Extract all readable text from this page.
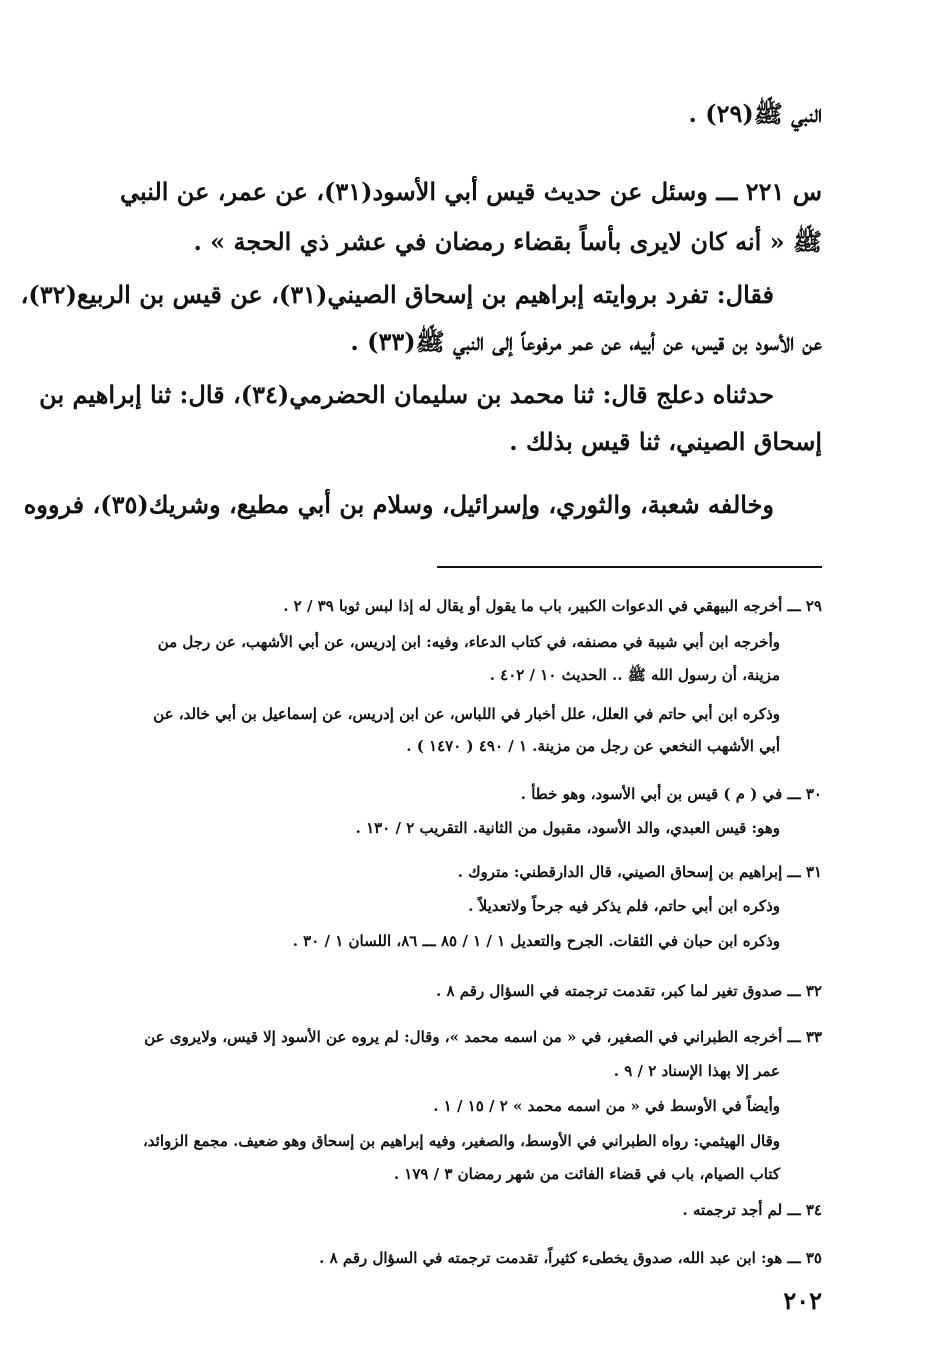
النبي ﷺ(٢٩) .
س ٢٢١ ـــ وسئل عن حديث قيس أبي الأسود(٣١)، عن عمر، عن النبي
ﷺ « أنه كان لايرى بأساً بقضاء رمضان في عشر ذي الحجة » .
فقال: تفرد بروايته إبراهيم بن إسحاق الصيني(٣١)، عن قيس بن الربيع(٣٢)،
عن الأسود بن قيس، عن أبيه، عن عمر مرفوعاً إلى النبي ﷺ(٣٣) .
حدثناه دعلج قال: ثنا محمد بن سليمان الحضرمي(٣٤)، قال: ثنا إبراهيم بن
إسحاق الصيني، ثنا قيس بذلك .
وخالفه شعبة، والثوري، وإسرائيل، وسلام بن أبي مطيع، وشريك(٣٥)، فرووه
٢٩ ـــ أخرجه البيهقي في الدعوات الكبير، باب ما يقول أو يقال له إذا لبس ثوبا ٣٩ / ٢ .
وأخرجه ابن أبي شيبة في مصنفه، في كتاب الدعاء، وفيه: ابن إدريس، عن أبي الأشهب، عن رجل من
مزينة، أن رسول الله ﷺ .. الحديث ١٠ / ٤٠٢ .
وذكره ابن أبي حاتم في العلل، علل أخبار في اللباس، عن ابن إدريس، عن إسماعيل بن أبي خالد، عن
أبي الأشهب النخعي عن رجل من مزينة. ١ / ٤٩٠ ( ١٤٧٠ ) .
٣٠ ـــ في ( م ) قيس بن أبي الأسود، وهو خطأ .
وهو: قيس العبدي، والد الأسود، مقبول من الثانية. التقريب ٢ / ١٣٠ .
٣١ ـــ إبراهيم بن إسحاق الصيني، قال الدارقطني: متروك .
وذكره ابن أبي حاتم، فلم يذكر فيه جرحاً ولاتعديلاً .
وذكره ابن حبان في الثقات. الجرح والتعديل ١ / ١ / ٨٥ ـــ ٨٦، اللسان ١ / ٣٠ .
٣٢ ـــ صدوق تغير لما كبر، تقدمت ترجمته في السؤال رقم ٨ .
٣٣ ـــ أخرجه الطبراني في الصغير، في « من اسمه محمد »، وقال: لم يروه عن الأسود إلا قيس، ولايروى عن
عمر إلا بهذا الإسناد ٢ / ٩ .
وأيضاً في الأوسط في « من اسمه محمد » ٢ / ١٥ / ١ .
وقال الهيثمي: رواه الطبراني في الأوسط، والصغير، وفيه إبراهيم بن إسحاق وهو ضعيف. مجمع الزوائد،
كتاب الصيام، باب في قضاء الفائت من شهر رمضان ٣ / ١٧٩ .
٣٤ ـــ لم أجد ترجمته .
٣٥ ـــ هو: ابن عبد الله، صدوق يخطىء كثيراً، تقدمت ترجمته في السؤال رقم ٨ .
٢٠٢
